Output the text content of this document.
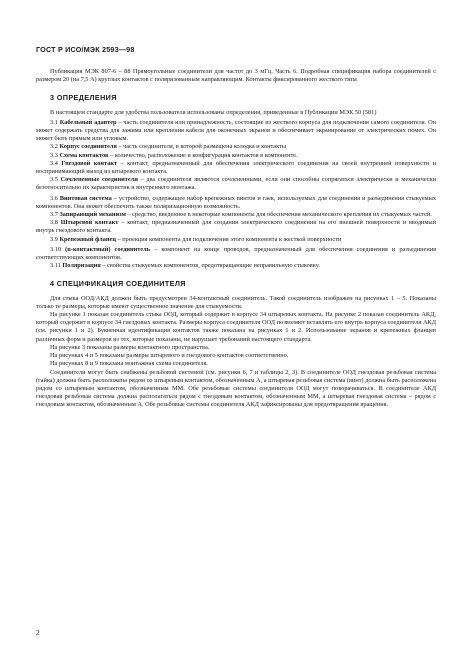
ГОСТ Р ИСО/МЭК 2593—98

Публикация МЭК 807-6 – 88 Прямоугольные соединители для частот до 3 мГц. Часть 6. Подробная спецификация набора соединителей с размером 20 (на 7,5 А) круглых контактов с поляризованным направляющим. Контакты фиксированного жесткого типа

3 ОПРЕДЕЛЕНИЯ

В настоящем стандарте для удобства пользователя использованы определения, приведенные в Публикации МЭК 50 (581)

3.1 Кабельный адаптер – часть соединителя или принадлежность, состоящие из жесткого корпуса для подключения самого соединителя. Он может содержать средства для зажима или крепления кабеля для оконечных экранов и обеспечивает экранирование от электрических помех. Он может быть прямым или угловым.

3.2 Корпус соединителя – часть соединителя, в которой размещена колодка и контакты

3.3 Схема контактов – количество, расположение и конфигурация контактов в компоненте.

3.4 Гнездовой контакт – контакт, предназначенный для обеспечения электрического соединения на своей внутренней поверхности и воспринимающий выход из штыревого контакта.

3.5 Сочлененные соединители – два соединителя являются сочлененными, если они способны сопрягаться электрически и механически безотносительно их характеристик и внутреннего монтажа.

3.6 Винтовая система – устройство, содержащее набор крепежных винтов и гаек, используемых для соединения и разъединения стыкуемых компонентов. Она может обеспечить также поляризационную возможность.

3.7 Запирающий механизм – средство, введенное в некоторые компоненты для обеспечения механического крепления их стыкуемых частей.

3.8 Штыревой контакт – контакт, предназначенный для создания электрического соединения на его внешней поверхности и вводимый внутрь гнездового контакта.

3.9 Крепежный фланец – проекция компонента для подключения этого компонента к жесткой поверхности

3.10 (n-контактный) соединитель – компонент на конце проводов, предназначенный для обеспечения соединения и разъединения соответствующих компонентов.

3.11 Поляризация – свойства стыкуемых компонентов, предотвращающие неправильную стыковку.

4 СПЕЦИФИКАЦИЯ СОЕДИНИТЕЛЯ

Для стыка ООД/АКД должен быть предусмотрен 34-контактный соединитель. Такой соединитель изображен на рисунках 1 – 5. Показаны только те размеры, которые имеют существенное значение для стыкуемости.

На рисунке 1 показан соединитель стыка ООД, который содержит в корпусе 34 штыревых контакта. На рисунке 2 показан соединитель АКД, который содержит в корпусе 34 гнездовых контакта. Размеры корпуса соединителя ООД позволяют вставлять его внутрь корпуса соединителя АКД (см. рисунки 1 и 2). Буквенная идентификация контактов также показана на рисунках 1 и 2. Использование экранов и крепежных фланцев различных форм и размеров из тех, которые показаны, не нарушает требований настоящего стандарта.

На рисунке 3 показаны размеры контактного пространства.

На рисунках 4 и 5 показаны размеры штыревого и гнездового контактов соответственно.

На рисунках 8 и 9 показана монтажная схема соединителя.

Соединители могут быть снабжены резьбовой системой (см. рисунки 6, 7 и таблицы 2, 3). В соединителе ООД гнездовая резьбовая система (гайка) должна быть расположена рядом со штыревым контактом, обозначенным А, а штыревая резьбовая система (винт) должна быть расположена рядом со штыревым контактом, обозначенным ММ. Обе резьбовые системы соединителя ООД могут поворачиваться. В соединителе АКД гнездовая резьбовая система должна располагаться рядом с гнездовым контактом, обозначенным ММ, а штыревая гнездовая система – рядом с гнездовым контактом, обозначенным А. Обе резьбовые системы соединителя АКД зафиксированы для предотвращения вращения.

2
